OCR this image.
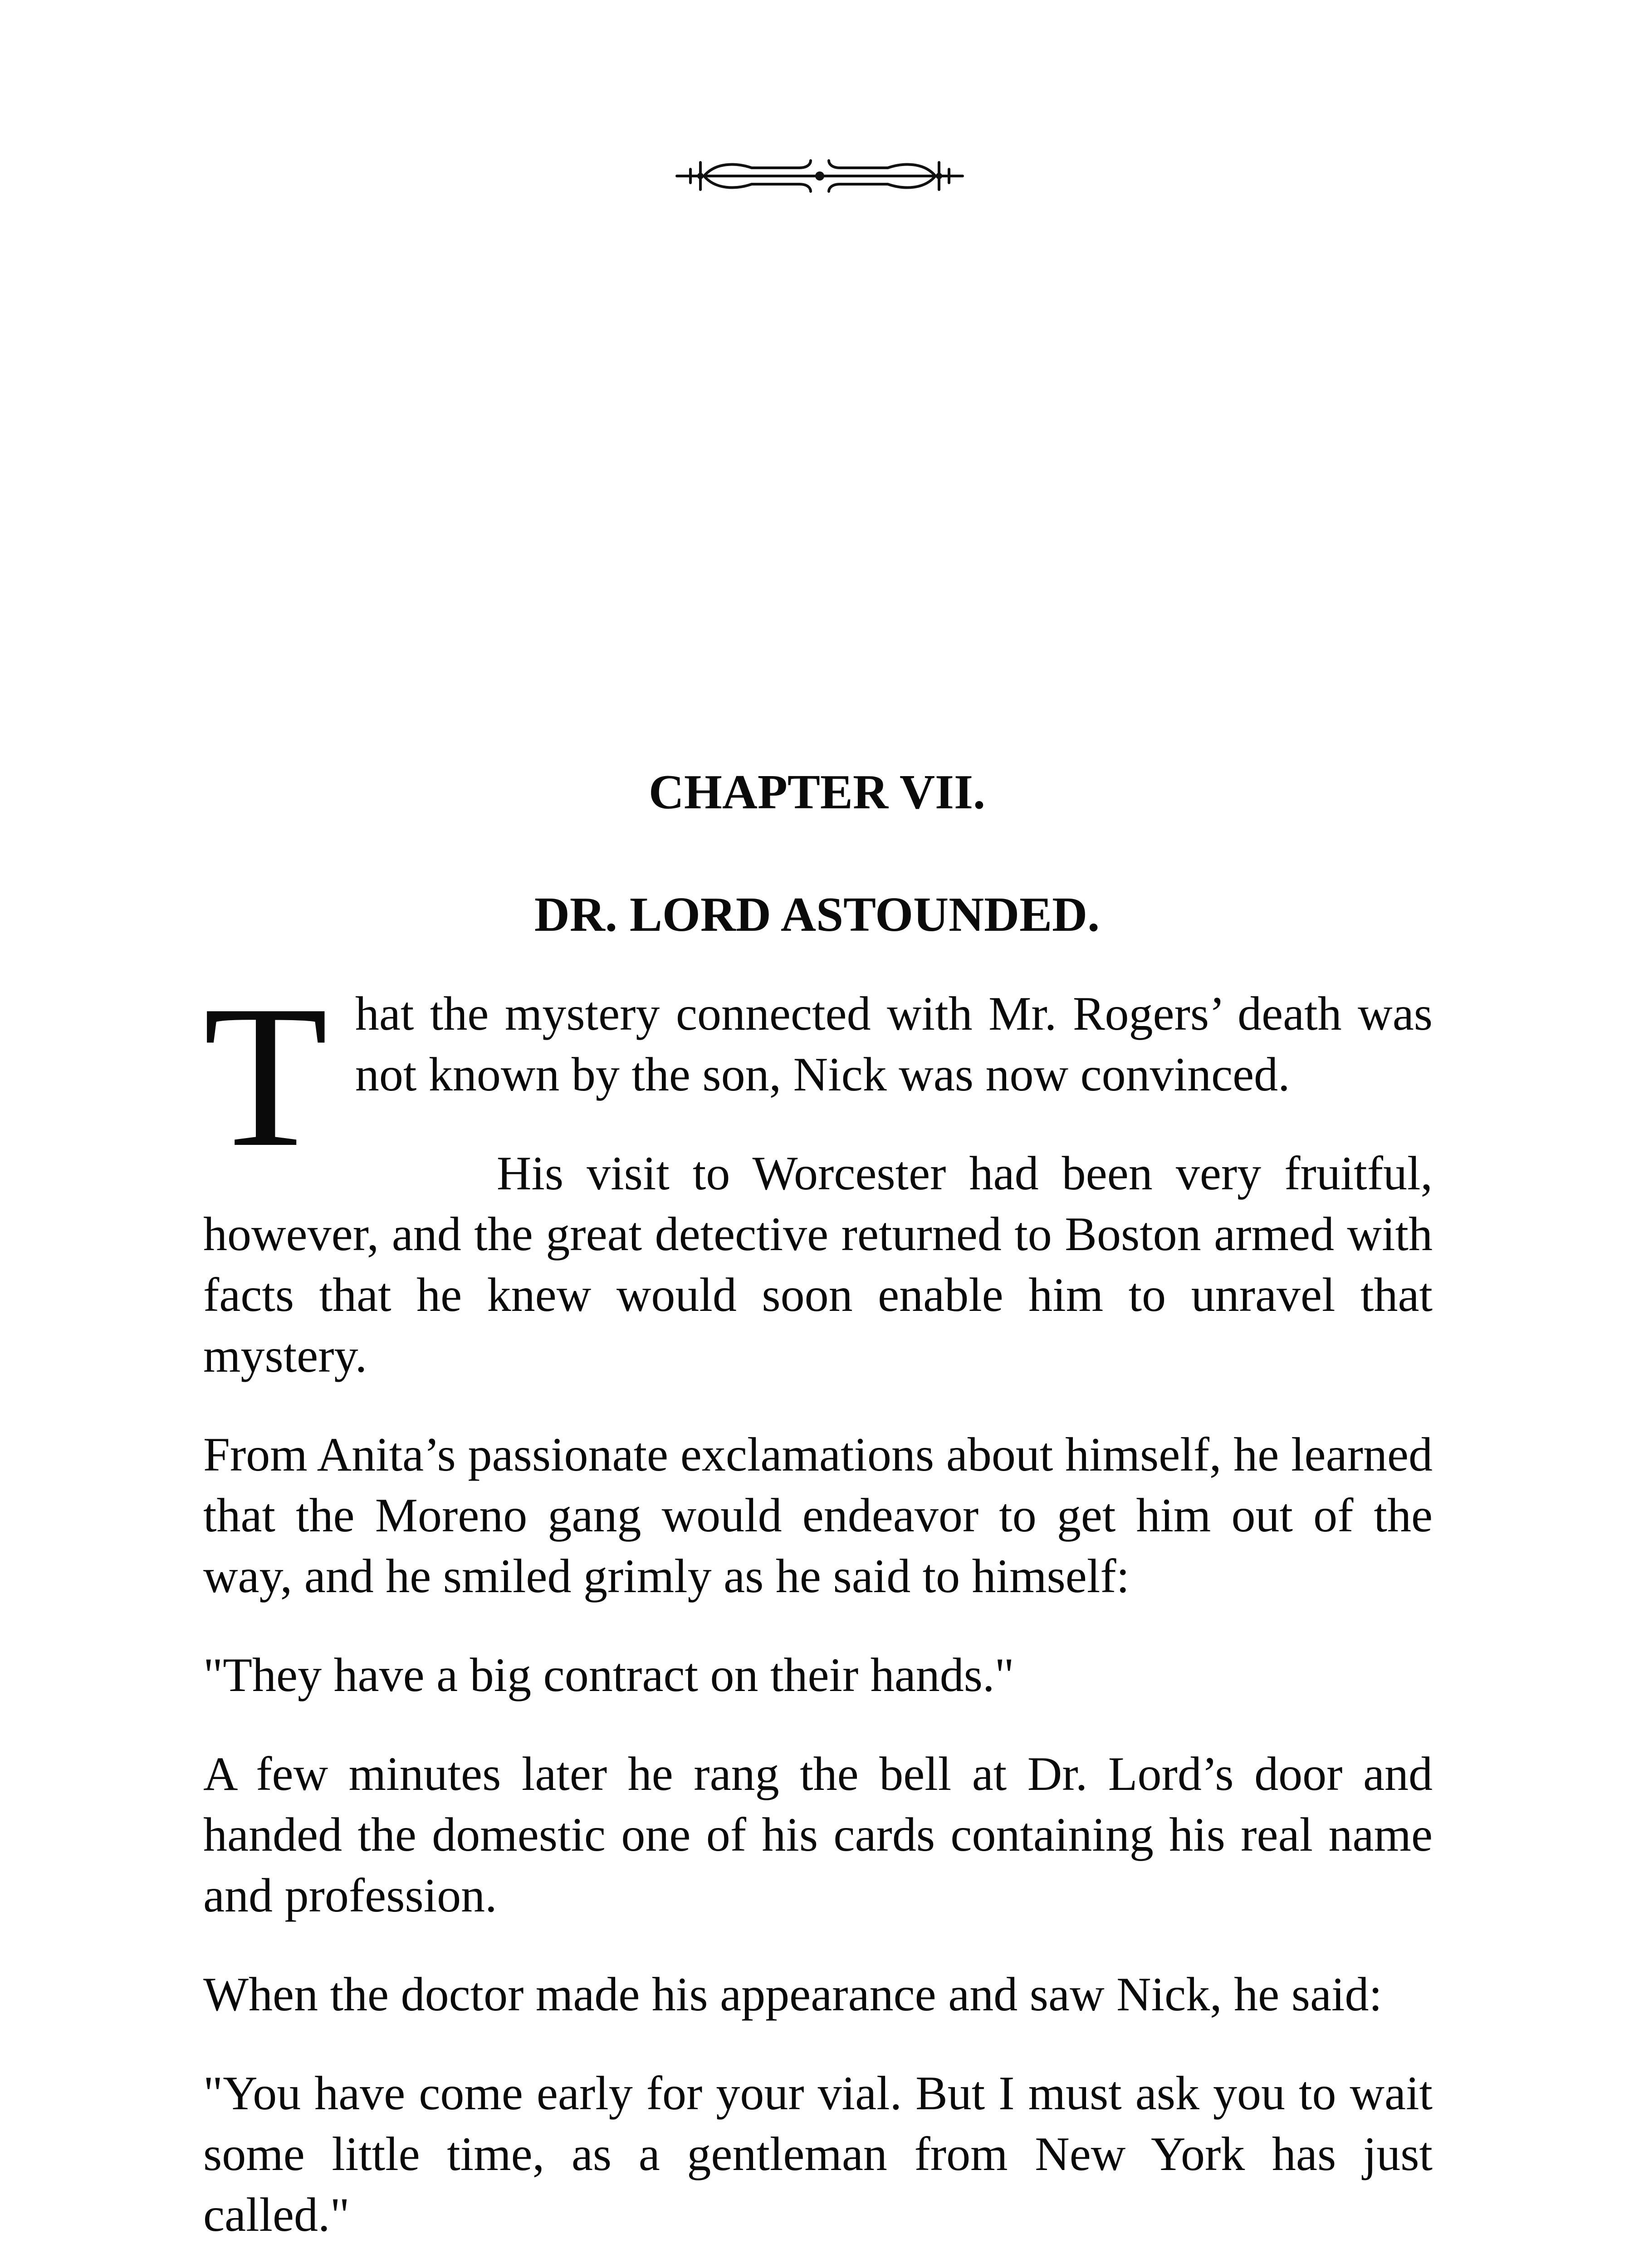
CHAPTER VII.
DR. LORD ASTOUNDED.

That the mystery connected with Mr. Rogers’ death was not known by the son, Nick was now convinced.

His visit to Worcester had been very fruitful, however, and the great detective returned to Boston armed with facts that he knew would soon enable him to unravel that mystery.

From Anita’s passionate exclamations about himself, he learned that the Moreno gang would endeavor to get him out of the way, and he smiled grimly as he said to himself:

"They have a big contract on their hands."

A few minutes later he rang the bell at Dr. Lord’s door and handed the domestic one of his cards containing his real name and profession.

When the doctor made his appearance and saw Nick, he said:

"You have come early for your vial. But I must ask you to wait some little time, as a gentleman from New York has just called."
